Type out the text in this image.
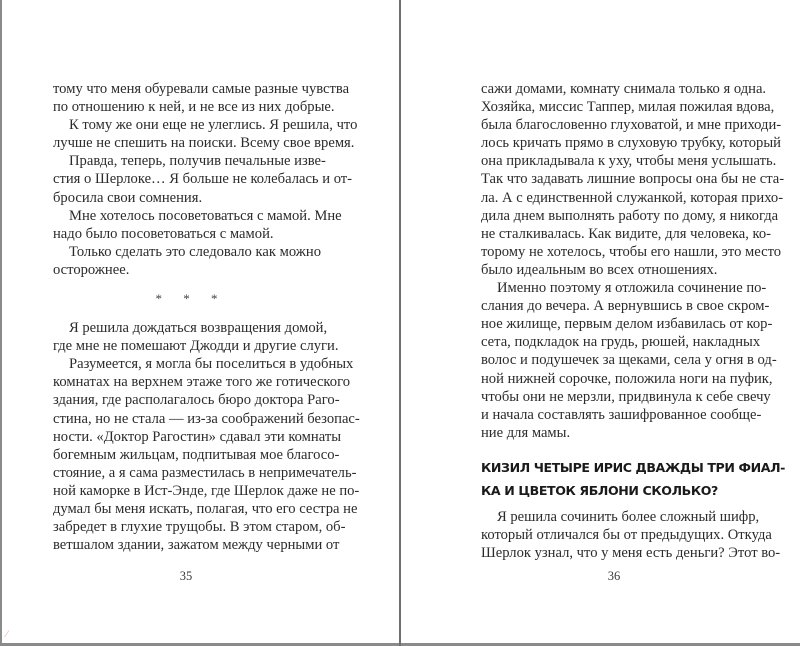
тому что меня обуревали самые разные чувства
по отношению к ней, и не все из них добрые.
К тому же они еще не улеглись. Я решила, что
лучше не спешить на поиски. Всему свое время.
Правда, теперь, получив печальные изве-
стия о Шерлоке… Я больше не колебалась и от-
бросила свои сомнения.
Мне хотелось посоветоваться с мамой. Мне
надо было посоветоваться с мамой.
Только сделать это следовало как можно
осторожнее.
* * *
Я решила дождаться возвращения домой,
где мне не помешают Джодди и другие слуги.
Разумеется, я могла бы поселиться в удобных
комнатах на верхнем этаже того же готического
здания, где располагалось бюро доктора Раго-
стина, но не стала — из-за соображений безопас-
ности. «Доктор Рагостин» сдавал эти комнаты
богемным жильцам, подпитывая мое благосо-
стояние, а я сама разместилась в непримечатель-
ной каморке в Ист-Энде, где Шерлок даже не по-
думал бы меня искать, полагая, что его сестра не
забредет в глухие трущобы. В этом старом, об-
ветшалом здании, зажатом между черными от
35
сажи домами, комнату снимала только я одна.
Хозяйка, миссис Таппер, милая пожилая вдова,
была благословенно глуховатой, и мне приходи-
лось кричать прямо в слуховую трубку, который
она прикладывала к уху, чтобы меня услышать.
Так что задавать лишние вопросы она бы не ста-
ла. А с единственной служанкой, которая прихо-
дила днем выполнять работу по дому, я никогда
не сталкивалась. Как видите, для человека, ко-
торому не хотелось, чтобы его нашли, это место
было идеальным во всех отношениях.
Именно поэтому я отложила сочинение по-
слания до вечера. А вернувшись в свое скром-
ное жилище, первым делом избавилась от кор-
сета, подкладок на грудь, рюшей, накладных
волос и подушечек за щеками, села у огня в од-
ной нижней сорочке, положила ноги на пуфик,
чтобы они не мерзли, придвинула к себе свечу
и начала составлять зашифрованное сообще-
ние для мамы.
КИЗИЛ ЧЕТЫРЕ ИРИС ДВАЖДЫ ТРИ ФИАЛ-
КА И ЦВЕТОК ЯБЛОНИ СКОЛЬКО?
Я решила сочинить более сложный шифр,
который отличался бы от предыдущих. Откуда
Шерлок узнал, что у меня есть деньги? Этот во-
36
⁄
